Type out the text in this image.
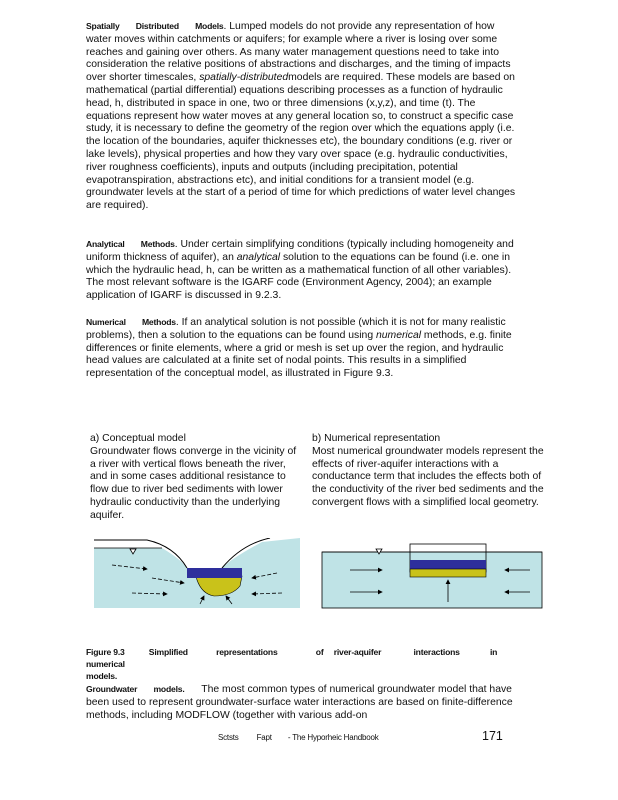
Spatially Distributed Models. Lumped models do not provide any representation of how water moves within catchments or aquifers; for example where a river is losing over some reaches and gaining over others. As many water management questions need to take into consideration the relative positions of abstractions and discharges, and the timing of impacts over shorter timescales, spatially-distributedmodels are required. These models are based on mathematical (partial differential) equations describing processes as a function of hydraulic head, h, distributed in space in one, two or three dimensions (x,y,z), and time (t). The equations represent how water moves at any general location so, to construct a specific case study, it is necessary to define the geometry of the region over which the equations apply (i.e. the location of the boundaries, aquifer thicknesses etc), the boundary conditions (e.g. river or lake levels), physical properties and how they vary over space (e.g. hydraulic conductivities, river roughness coefficients), inputs and outputs (including precipitation, potential evapotranspiration, abstractions etc), and initial conditions for a transient model (e.g. groundwater levels at the start of a period of time for which predictions of water level changes are required).

Analytical Methods. Under certain simplifying conditions (typically including homogeneity and uniform thickness of aquifer), an analytical solution to the equations can be found (i.e. one in which the hydraulic head, h, can be written as a mathematical function of all other variables). The most relevant software is the IGARF code (Environment Agency, 2004); an example application of IGARF is discussed in 9.2.3.

Numerical Methods. If an analytical solution is not possible (which it is not for many realistic problems), then a solution to the equations can be found using numerical methods, e.g. finite differences or finite elements, where a grid or mesh is set up over the region, and hydraulic head values are calculated at a finite set of nodal points. This results in a simplified representation of the conceptual model, as illustrated in Figure 9.3.

a) Conceptual model
Groundwater flows converge in the vicinity of a river with vertical flows beneath the river, and in some cases additional resistance to flow due to river bed sediments with lower hydraulic conductivity than the underlying aquifer.
b) Numerical representation
Most numerical groundwater models represent the effects of river-aquifer interactions with a conductance term that includes the effects both of the conductivity of the river bed sediments and the convergent flows with a simplified local geometry.
Figure 9.3	Simplified	representations	of river-aquifer	interactions	in numerical
models.

Groundwater models. The most common types of numerical groundwater model that have been used to represent groundwater-surface water interactions are based on finite-difference methods, including MODFLOW (together with various add-on

Sctsts Fapt - The Hyporheic Handbook	171
